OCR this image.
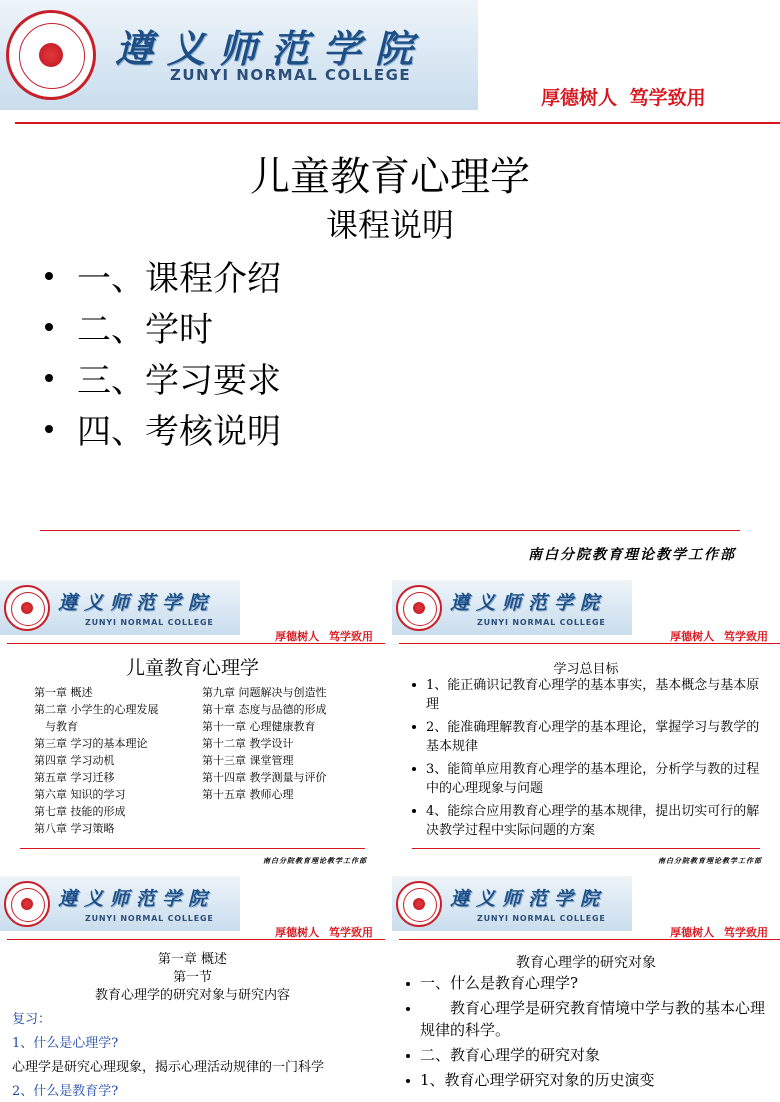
遵义师范学院
ZUNYI NORMAL COLLEGE
厚德树人 笃学致用
儿童教育心理学
课程说明
一、课程介绍
二、学时
三、学习要求
四、考核说明
南白分院教育理论教学工作部
遵义师范学院
ZUNYI NORMAL COLLEGE
厚德树人 笃学致用
儿童教育心理学
第一章 概述
第二章 小学生的心理发展
　与教育
第三章 学习的基本理论
第四章 学习动机
第五章 学习迁移
第六章 知识的学习
第七章 技能的形成
第八章 学习策略
第九章 问题解决与创造性
第十章 态度与品德的形成
第十一章 心理健康教育
第十二章 教学设计
第十三章 课堂管理
第十四章 教学测量与评价
第十五章 教师心理
南白分院教育理论教学工作部
遵义师范学院
ZUNYI NORMAL COLLEGE
厚德树人 笃学致用
学习总目标
1、能正确识记教育心理学的基本事实，基本概念与基本原理
2、能准确理解教育心理学的基本理论，掌握学习与教学的基本规律
3、能简单应用教育心理学的基本理论，分析学与教的过程中的心理现象与问题
4、能综合应用教育心理学的基本规律，提出切实可行的解决教学过程中实际问题的方案
南白分院教育理论教学工作部
遵义师范学院
ZUNYI NORMAL COLLEGE
厚德树人 笃学致用
第一章 概述
第一节
教育心理学的研究对象与研究内容
复习：
1、什么是心理学?
心理学是研究心理现象，揭示心理活动规律的一门科学
2、什么是教育学?
遵义师范学院
ZUNYI NORMAL COLLEGE
厚德树人 笃学致用
教育心理学的研究对象
一、什么是教育心理学?
　　教育心理学是研究教育情境中学与教的基本心理规律的科学。
二、教育心理学的研究对象
1、教育心理学研究对象的历史演变
